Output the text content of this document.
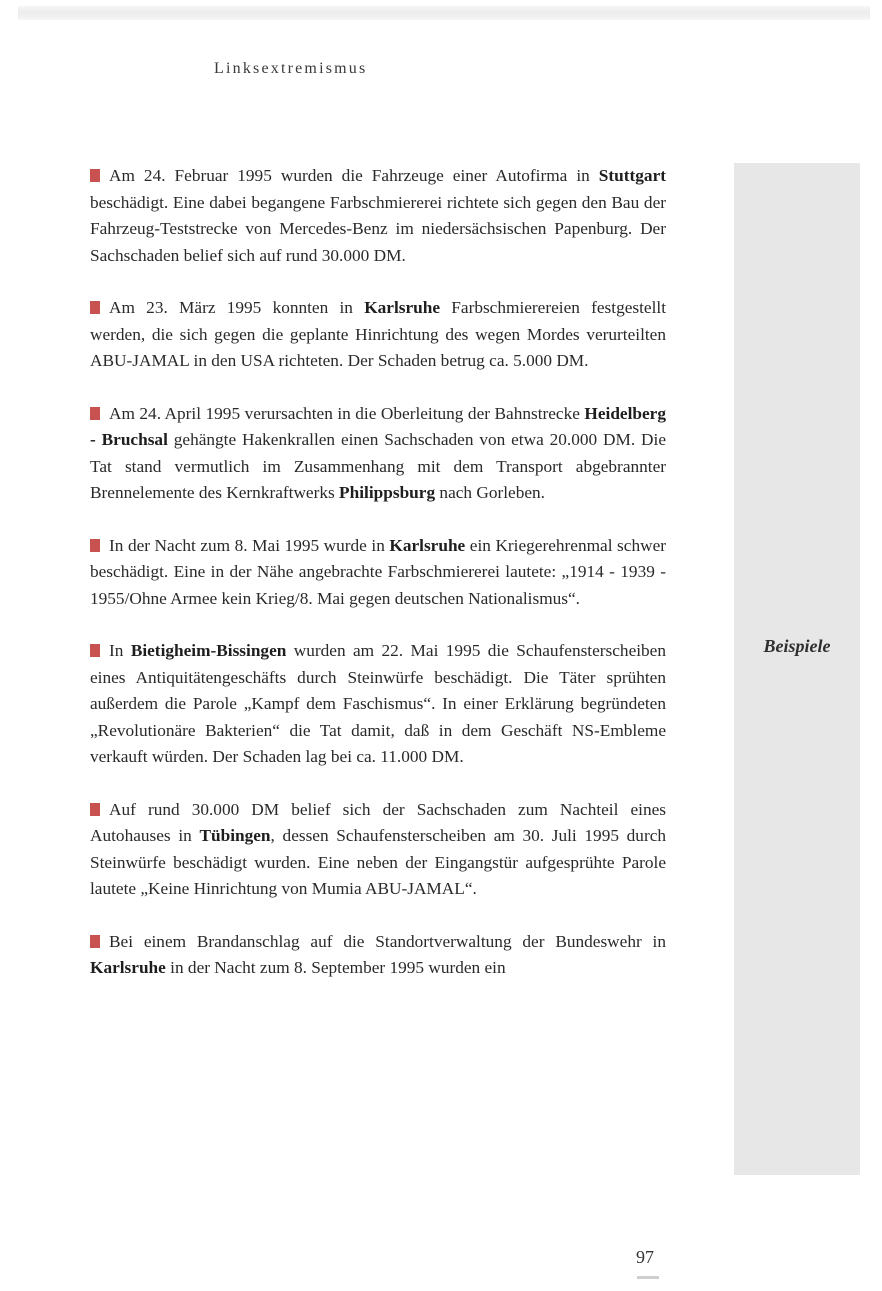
Linksextremismus
Beispiele

Am 24. Februar 1995 wurden die Fahrzeuge einer Autofirma in Stuttgart beschädigt. Eine dabei begangene Farbschmiererei richtete sich gegen den Bau der Fahrzeug-Teststrecke von Mercedes-Benz im niedersächsischen Papenburg. Der Sachschaden belief sich auf rund 30.000 DM.

Am 23. März 1995 konnten in Karlsruhe Farbschmierereien festgestellt werden, die sich gegen die geplante Hinrichtung des wegen Mordes verurteilten ABU-JAMAL in den USA richteten. Der Schaden betrug ca. 5.000 DM.

Am 24. April 1995 verursachten in die Oberleitung der Bahnstrecke Heidelberg - Bruchsal gehängte Hakenkrallen einen Sachschaden von etwa 20.000 DM. Die Tat stand vermutlich im Zusammenhang mit dem Transport abgebrannter Brennelemente des Kernkraftwerks Philippsburg nach Gorleben.

In der Nacht zum 8. Mai 1995 wurde in Karlsruhe ein Kriegerehrenmal schwer beschädigt. Eine in der Nähe angebrachte Farbschmiererei lautete: „1914 - 1939 - 1955/Ohne Armee kein Krieg/8. Mai gegen deutschen Nationalismus“.

In Bietigheim-Bissingen wurden am 22. Mai 1995 die Schaufensterscheiben eines Antiquitätengeschäfts durch Steinwürfe beschädigt. Die Täter sprühten außerdem die Parole „Kampf dem Faschismus“. In einer Erklärung begründeten „Revolutionäre Bakterien“ die Tat damit, daß in dem Geschäft NS-Embleme verkauft würden. Der Schaden lag bei ca. 11.000 DM.

Auf rund 30.000 DM belief sich der Sachschaden zum Nachteil eines Autohauses in Tübingen, dessen Schaufensterscheiben am 30. Juli 1995 durch Steinwürfe beschädigt wurden. Eine neben der Eingangstür aufgesprühte Parole lautete „Keine Hinrichtung von Mumia ABU-JAMAL“.

Bei einem Brandanschlag auf die Standortverwaltung der Bundeswehr in Karlsruhe in der Nacht zum 8. September 1995 wurden ein

97
